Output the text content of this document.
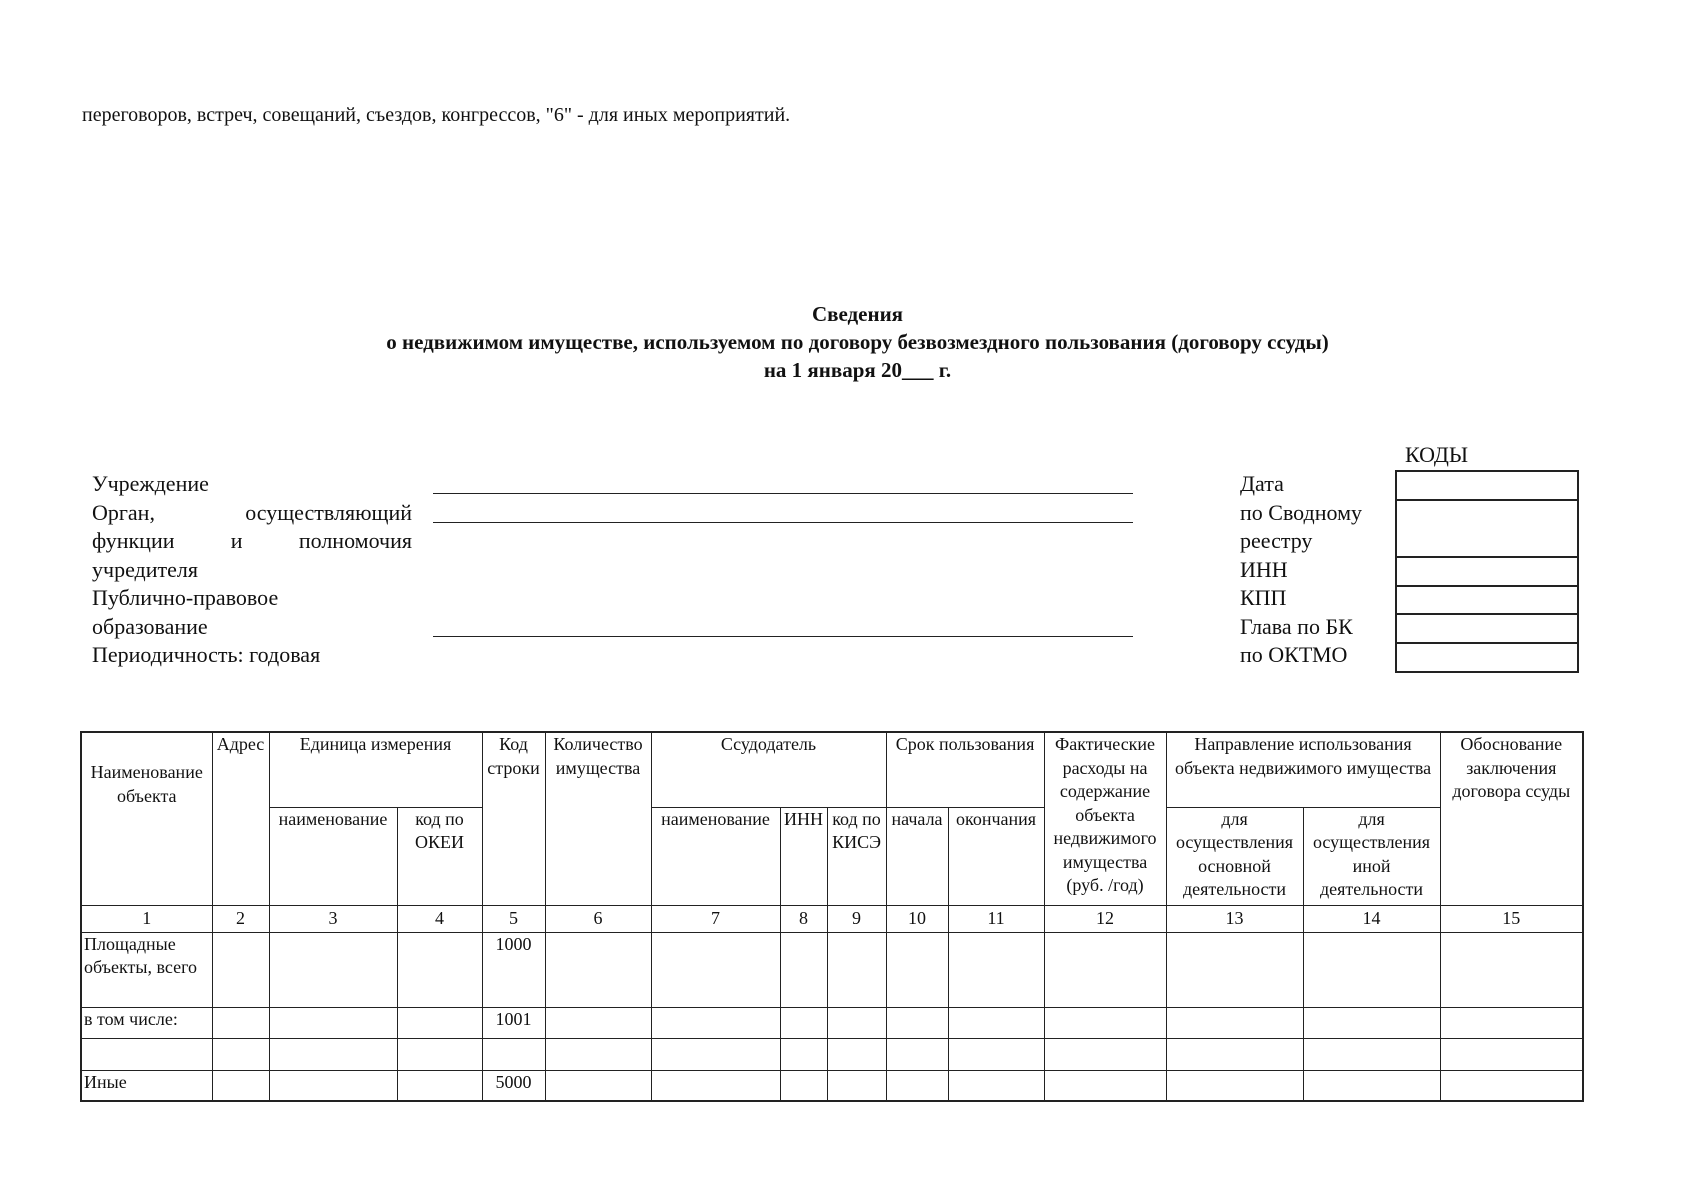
переговоров, встреч, совещаний, съездов, конгрессов, "6" - для иных мероприятий.
Сведения
о недвижимом имуществе, используемом по договору безвозмездного пользования (договору ссуды)
на 1 января 20___ г.
Учреждение
Орган,	осуществляющий
функции	и	полномочия
учредителя
Публично-правовое
образование
Периодичность: годовая
КОДЫ
Дата
по Сводному
реестру
ИНН
КПП
Глава по БК
по ОКТМО
Наименование объекта	Адрес	Единица измерения		Код строки	Количество имущества	Ссудодатель			Срок пользования		Фактические расходы на содержание объекта недвижимого имущества (руб. /год)	Направление использования объекта недвижимого имущества		Обоснование заключения договора ссуды
		наименование	код по ОКЕИ			наименование	ИНН	код по КИСЭ	начала	окончания		для осуществления основной деятельности	для осуществления иной деятельности	
1	2	3	4	5	6	7	8	9	10	11	12	13	14	15
Площадные объекты, всего				1000										
в том числе:				1001										

Иные				5000										
